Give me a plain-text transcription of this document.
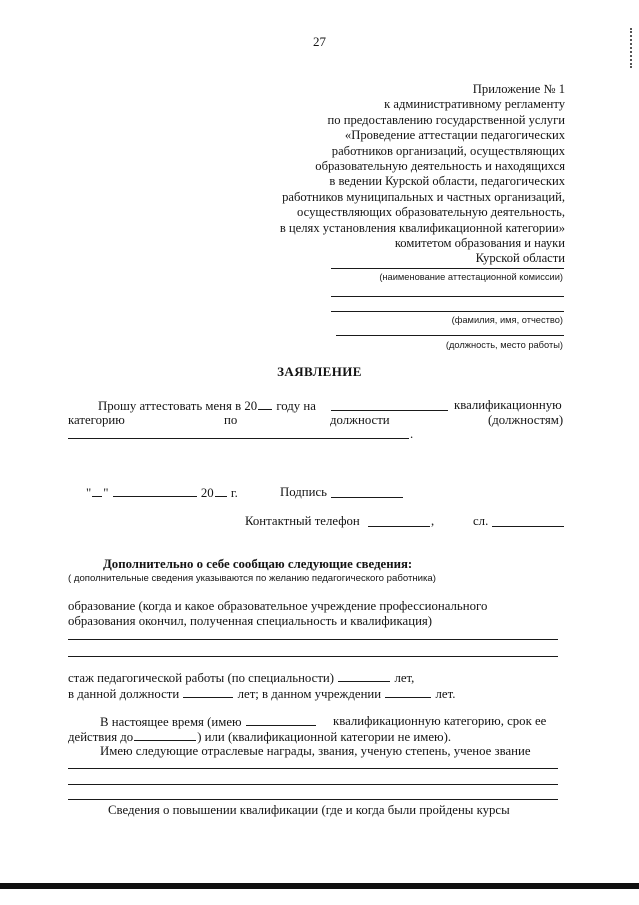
27
Приложение № 1
к административному регламенту
по предоставлению государственной услуги
«Проведение аттестации педагогических
работников организаций, осуществляющих
образовательную деятельность и находящихся
в ведении Курской области, педагогических
работников муниципальных и частных организаций,
осуществляющих образовательную деятельность,
в целях установления квалификационной категории»
комитетом образования и науки
Курской области
(наименование аттестационной комиссии)
(фамилия, имя, отчество)
(должность, место работы)
ЗАЯВЛЕНИЕ
Прошу аттестовать меня в 20 году на	квалификационную
категорию	по	должности	(должностям)
.
" "	20 г.	Подпись
Контактный телефон	,	сл.
Дополнительно о себе сообщаю следующие сведения:
( дополнительные сведения указываются по желанию педагогического работника)
образование (когда и какое образовательное учреждение профессионального
образования окончил, полученная специальность и квалификация)
стаж педагогической работы (по специальности)	лет,
в данной должности	лет; в данном учреждении	лет.
В настоящее время (имею	квалификационную категорию, срок ее
действия до	) или (квалификационной категории не имею).
Имею следующие отраслевые награды, звания, ученую степень, ученое звание
Сведения о повышении квалификации (где и когда были пройдены курсы
